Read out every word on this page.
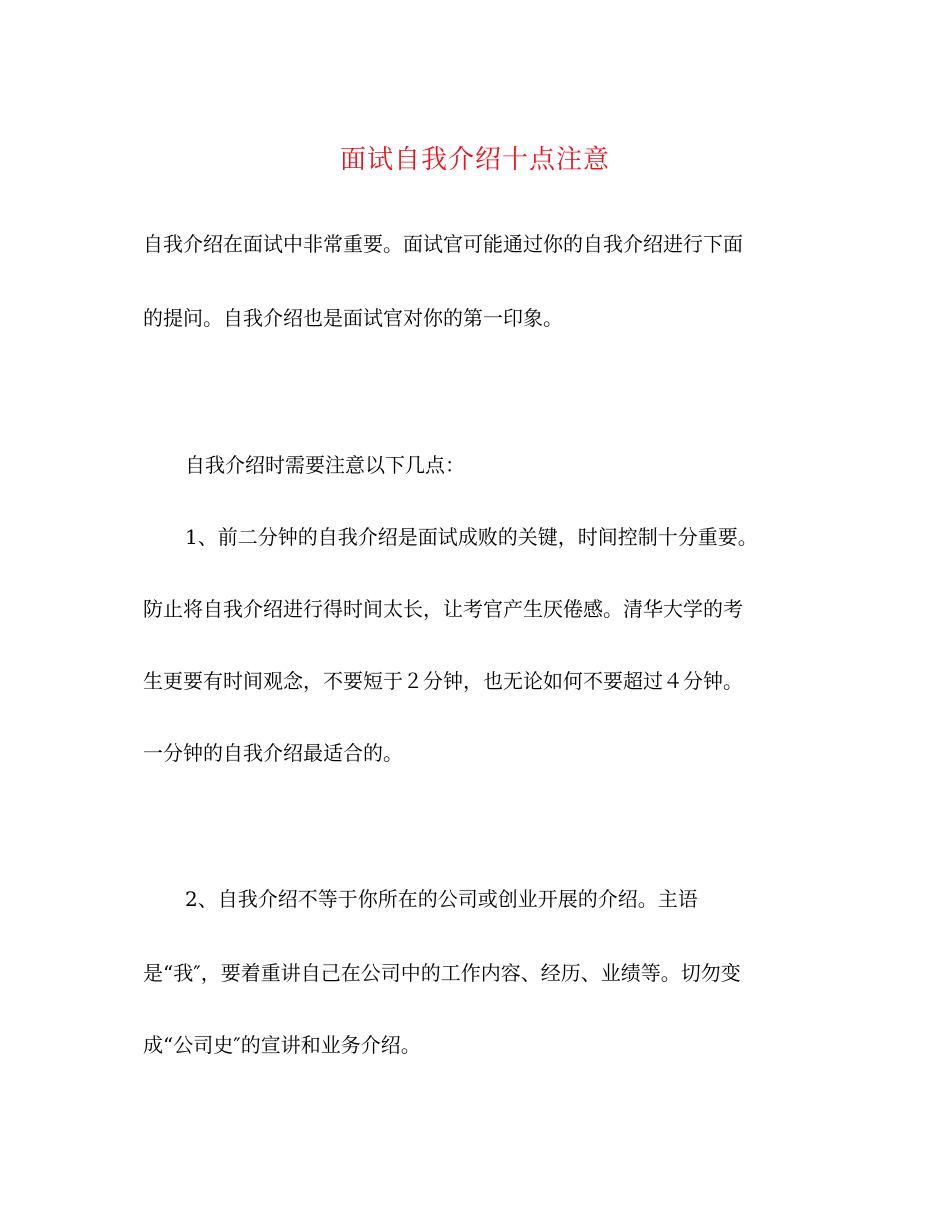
面试自我介绍十点注意
自我介绍在面试中非常重要。面试官可能通过你的自我介绍进行下面
的提问。自我介绍也是面试官对你的第一印象。
自我介绍时需要注意以下几点：
1、前二分钟的自我介绍是面试成败的关键，时间控制十分重要。
防止将自我介绍进行得时间太长，让考官产生厌倦感。清华大学的考
生更要有时间观念，不要短于２分钟，也无论如何不要超过４分钟。
一分钟的自我介绍最适合的。
2、自我介绍不等于你所在的公司或创业开展的介绍。主语
是“我″，要着重讲自己在公司中的工作内容、经历、业绩等。切勿变
成“公司史″的宣讲和业务介绍。
